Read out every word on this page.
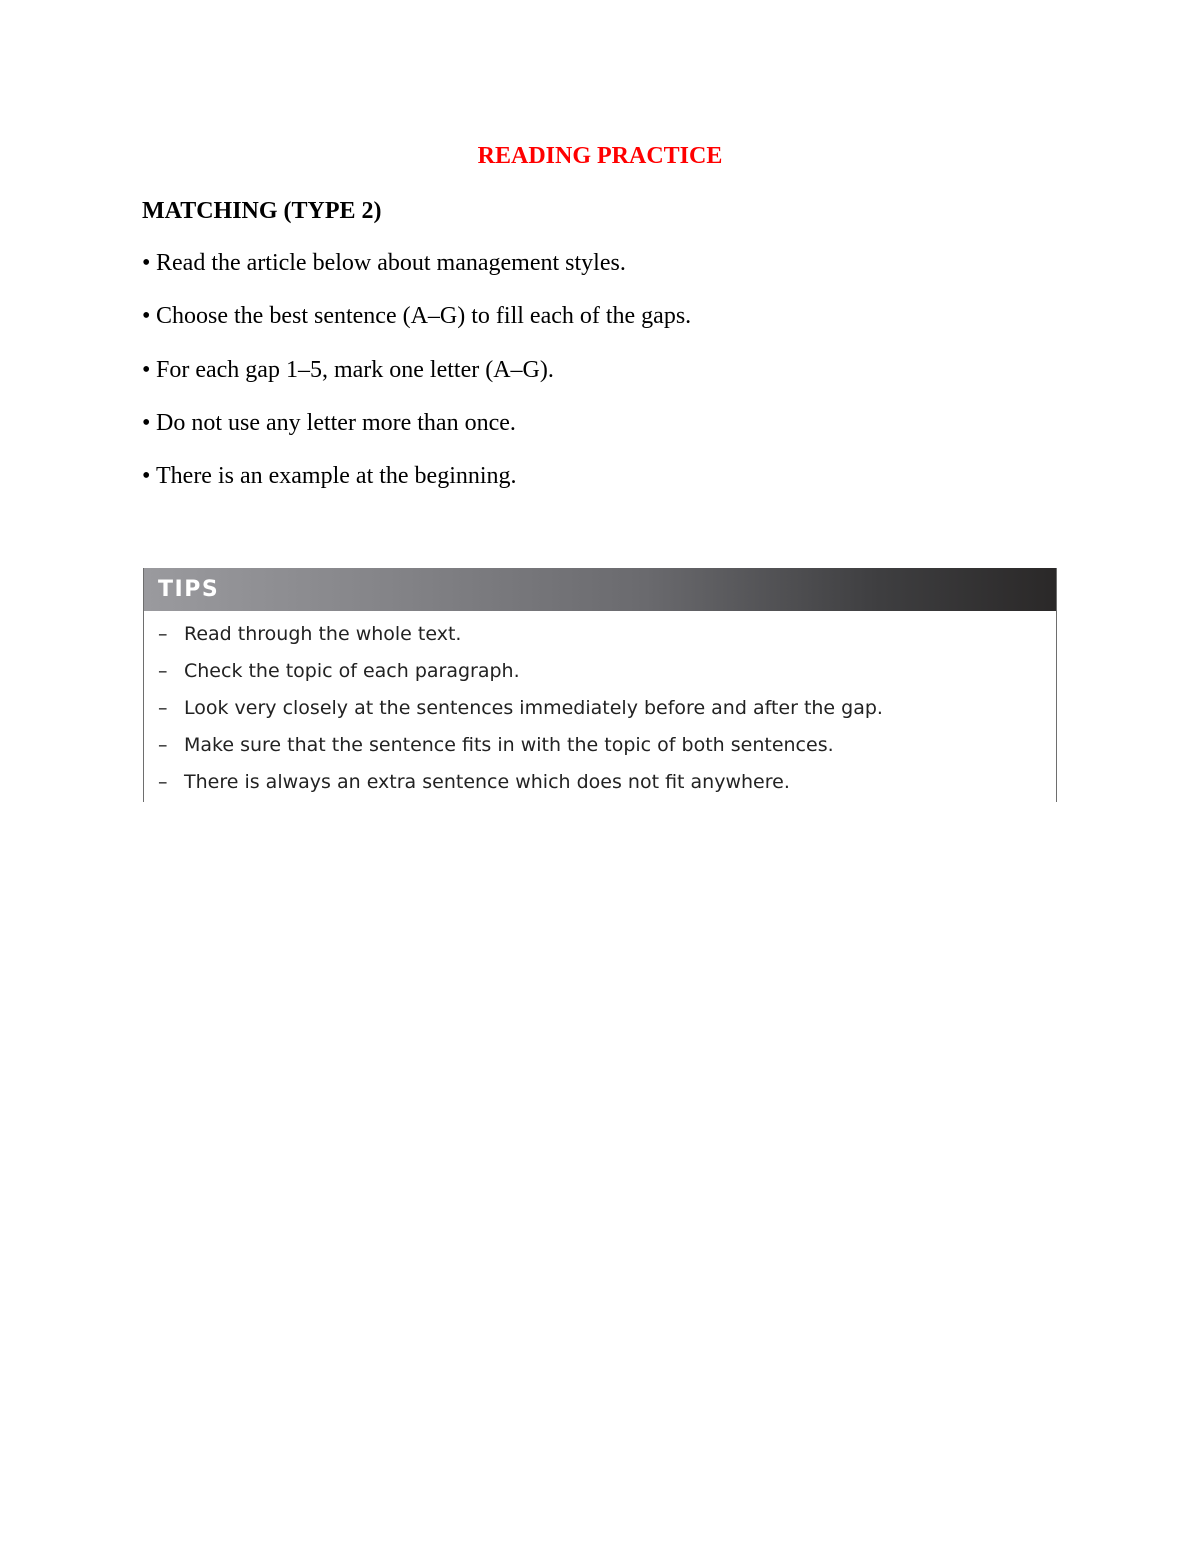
READING PRACTICE
MATCHING (TYPE 2)
• Read the article below about management styles.
• Choose the best sentence (A–G) to fill each of the gaps.
• For each gap 1–5, mark one letter (A–G).
• Do not use any letter more than once.
• There is an example at the beginning.
TIPS
– Read through the whole text.
– Check the topic of each paragraph.
– Look very closely at the sentences immediately before and after the gap.
– Make sure that the sentence fits in with the topic of both sentences.
– There is always an extra sentence which does not fit anywhere.
